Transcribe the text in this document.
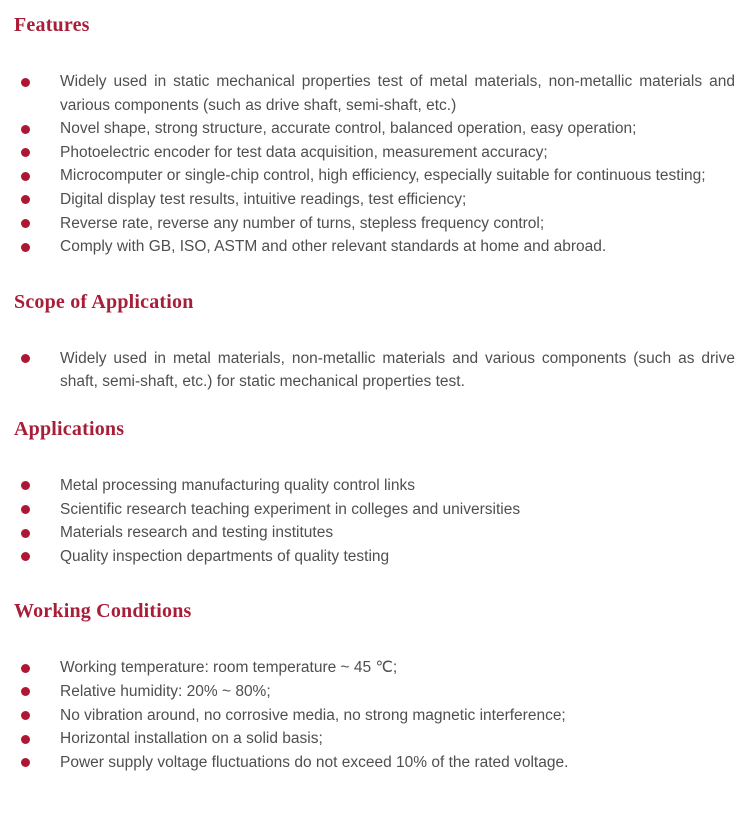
Features
Widely used in static mechanical properties test of metal materials, non-metallic materials and various components (such as drive shaft, semi-shaft, etc.)
Novel shape, strong structure, accurate control, balanced operation, easy operation;
Photoelectric encoder for test data acquisition, measurement accuracy;
Microcomputer or single-chip control, high efficiency, especially suitable for continuous testing;
Digital display test results, intuitive readings, test efficiency;
Reverse rate, reverse any number of turns, stepless frequency control;
Comply with GB, ISO, ASTM and other relevant standards at home and abroad.
Scope of Application
Widely used in metal materials, non-metallic materials and various components (such as drive shaft, semi-shaft, etc.) for static mechanical properties test.
Applications
Metal processing manufacturing quality control links
Scientific research teaching experiment in colleges and universities
Materials research and testing institutes
Quality inspection departments of quality testing
Working Conditions
Working temperature: room temperature ~ 45 ℃;
Relative humidity: 20% ~ 80%;
No vibration around, no corrosive media, no strong magnetic interference;
Horizontal installation on a solid basis;
Power supply voltage fluctuations do not exceed 10% of the rated voltage.
